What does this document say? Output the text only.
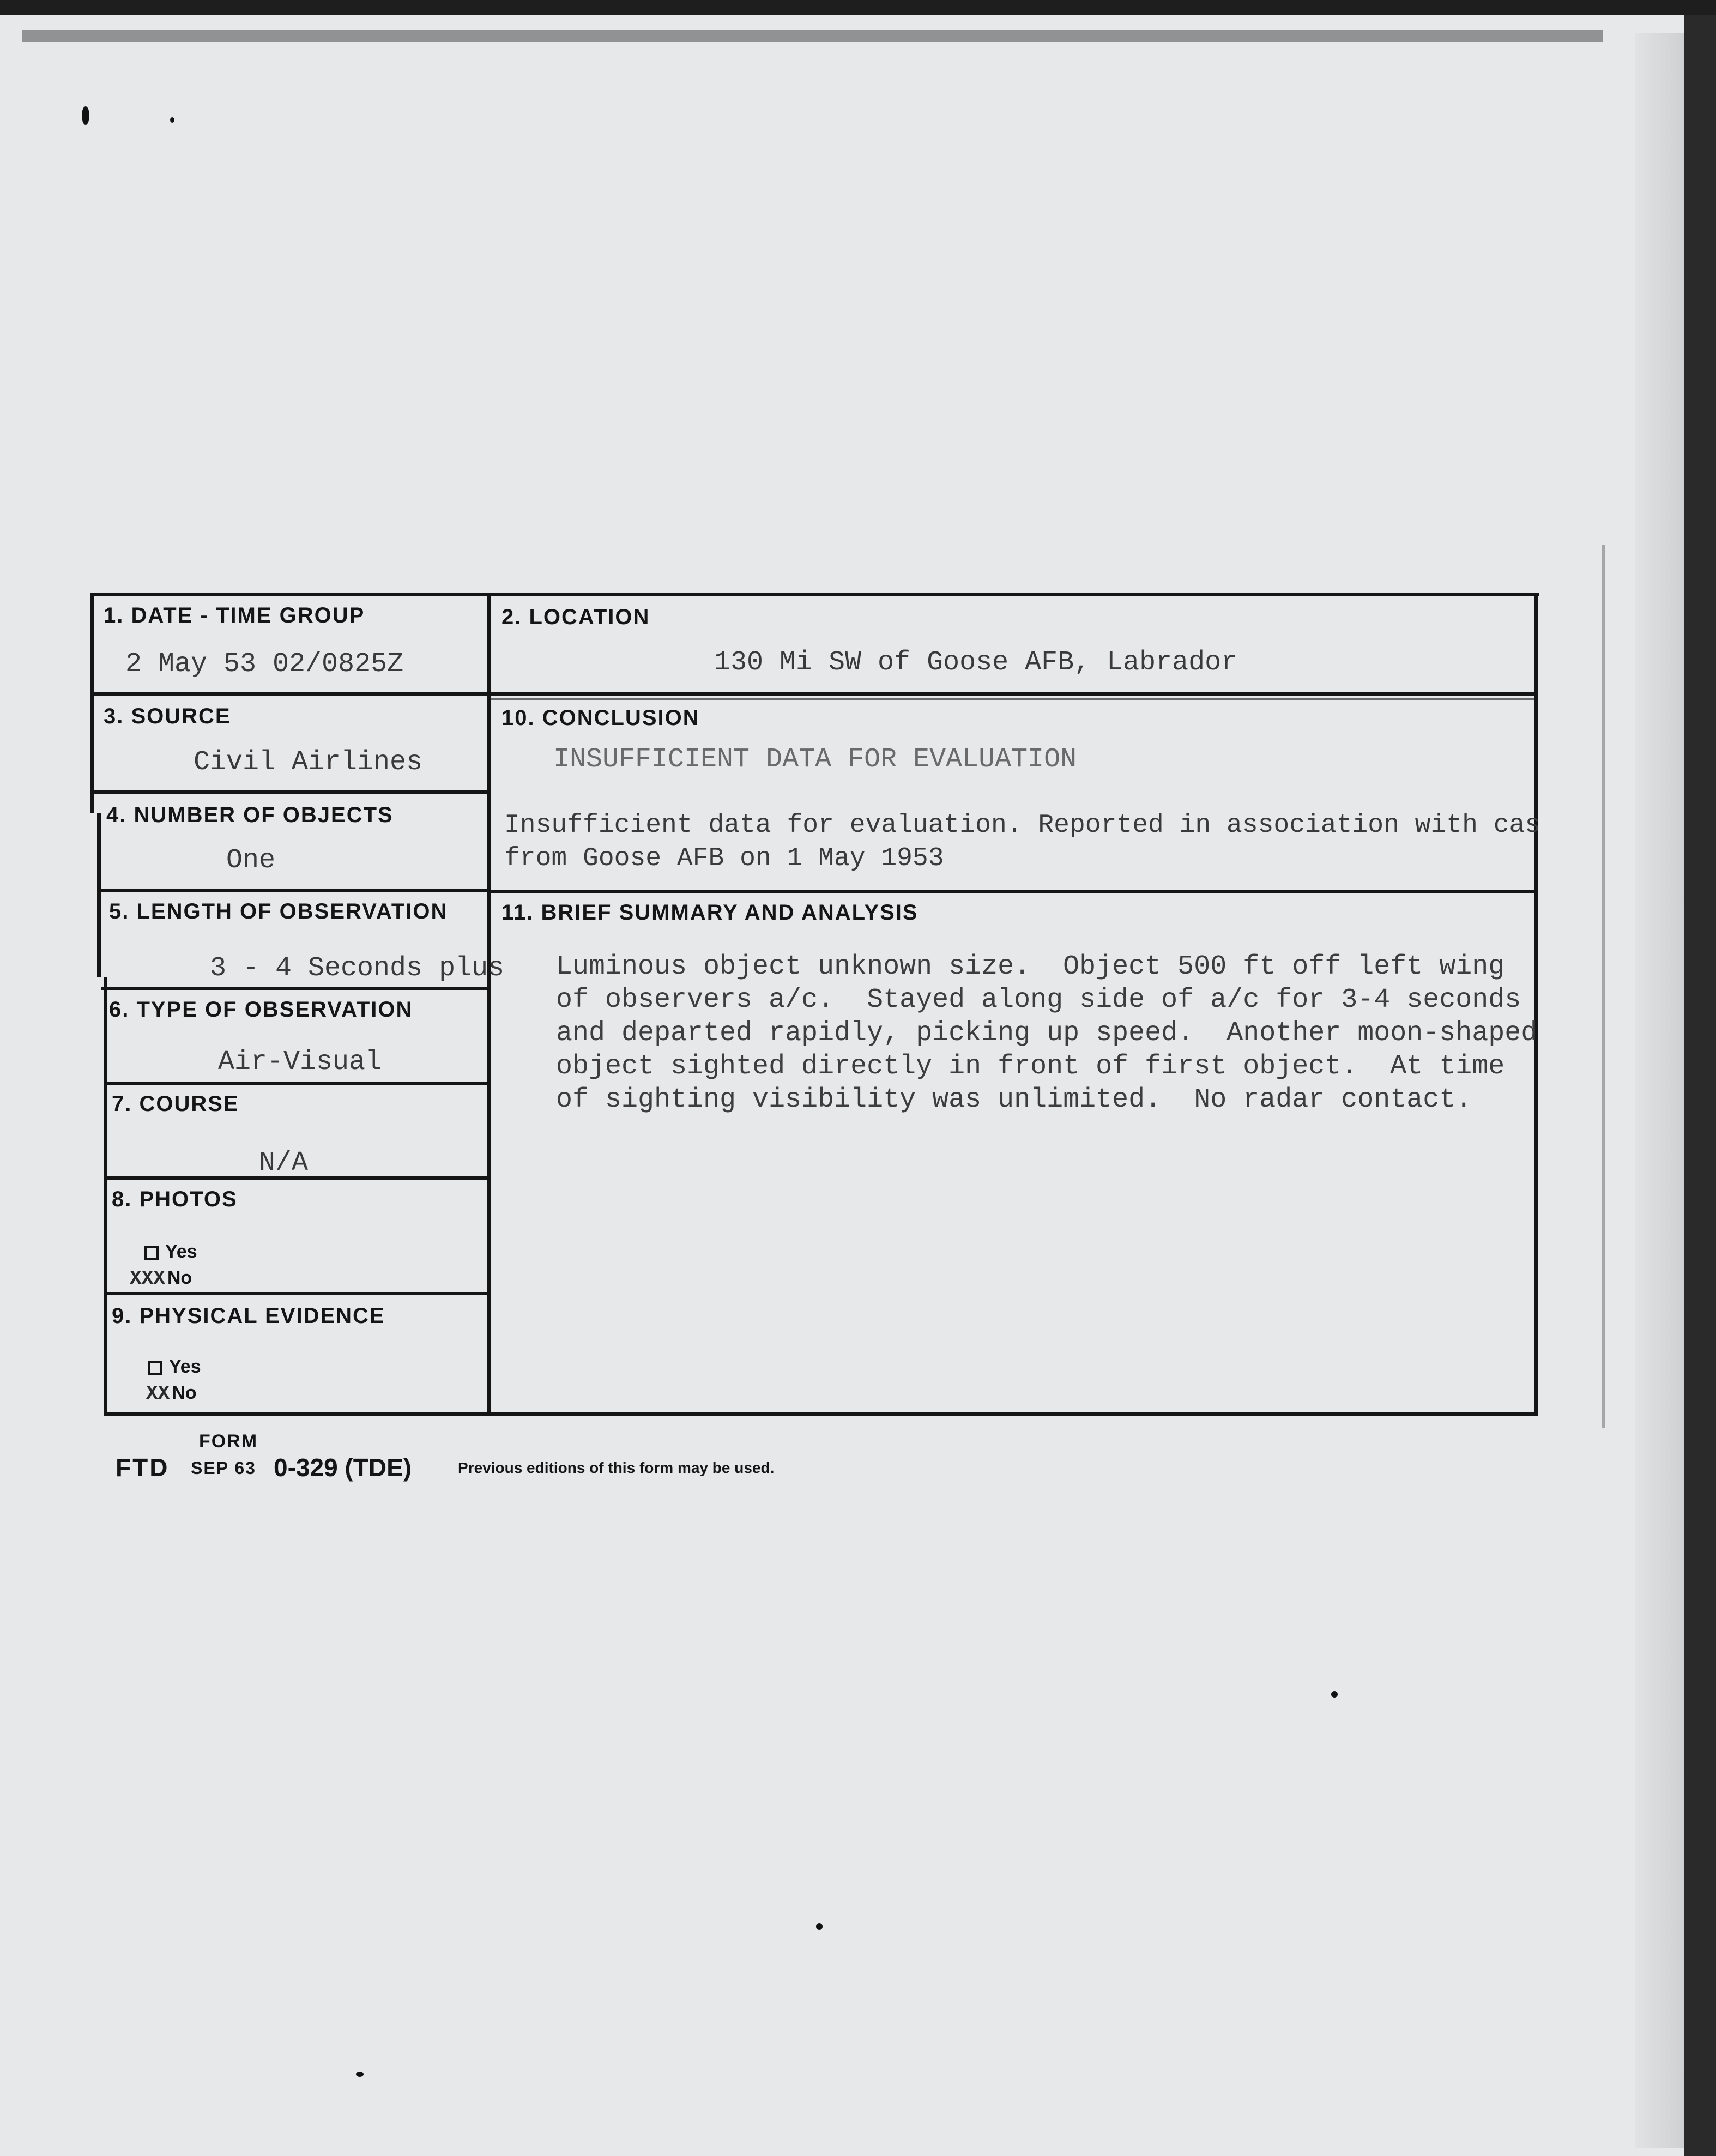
1. DATE - TIME GROUP
2 May 53 02/0825Z
2. LOCATION
130 Mi SW of Goose AFB, Labrador
3. SOURCE
Civil Airlines
10. CONCLUSION
INSUFFICIENT DATA FOR EVALUATION
Insufficient data for evaluation. Reported in association with cas
from Goose AFB on 1 May 1953
4. NUMBER OF OBJECTS
One
5. LENGTH OF OBSERVATION
3 - 4 Seconds plus
11. BRIEF SUMMARY AND ANALYSIS
Luminous object unknown size.  Object 500 ft off left wing
of observers a/c.  Stayed along side of a/c for 3-4 seconds
and departed rapidly, picking up speed.  Another moon-shaped
object sighted directly in front of first object.  At time
of sighting visibility was unlimited.  No radar contact.
6. TYPE OF OBSERVATION
Air-Visual
7. COURSE
N/A
8. PHOTOS
Yes
XXX No
9. PHYSICAL EVIDENCE
Yes
XX No
FORM
FTD SEP 63 0-329 (TDE)	Previous editions of this form may be used.
